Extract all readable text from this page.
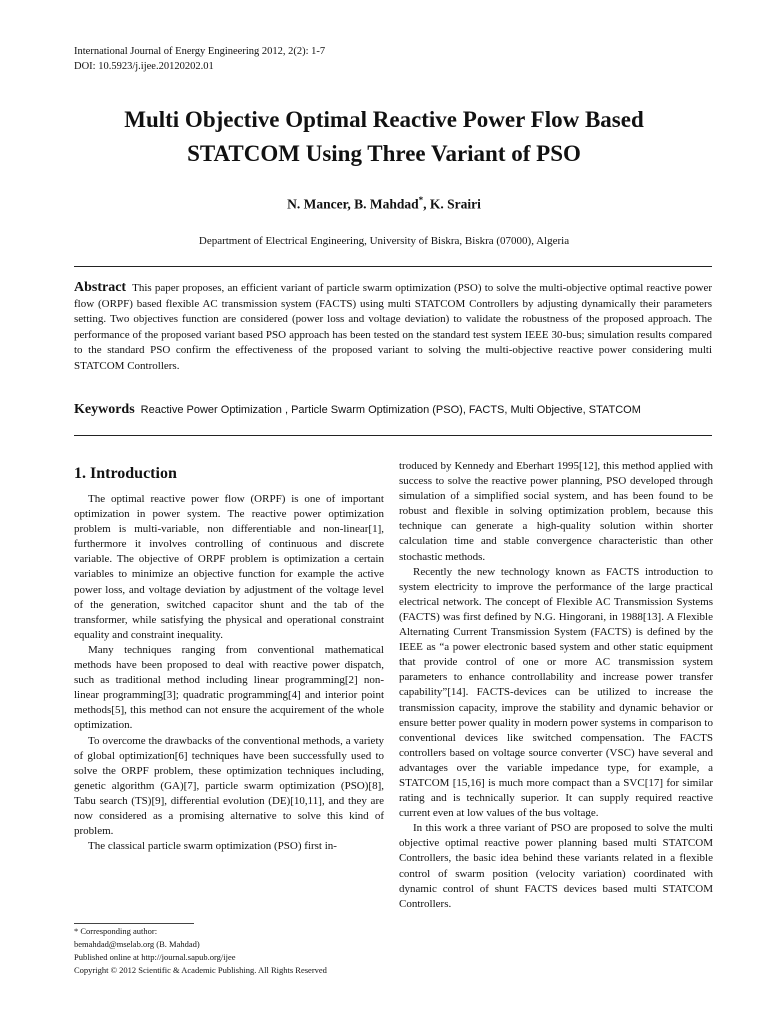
International Journal of Energy Engineering 2012, 2(2): 1-7
DOI: 10.5923/j.ijee.20120202.01
Multi Objective Optimal Reactive Power Flow Based
STATCOM Using Three Variant of PSO
N. Mancer, B. Mahdad*, K. Srairi
Department of Electrical Engineering, University of Biskra, Biskra (07000), Algeria
Abstract This paper proposes, an efficient variant of particle swarm optimization (PSO) to solve the multi-objective optimal reactive power flow (ORPF) based flexible AC transmission system (FACTS) using multi STATCOM Controllers by adjusting dynamically their parameters setting. Two objectives function are considered (power loss and voltage deviation) to validate the robustness of the proposed approach. The performance of the proposed variant based PSO approach has been tested on the standard test system IEEE 30-bus; simulation results compared to the standard PSO confirm the effectiveness of the proposed variant to solving the multi-objective reactive power considering multi STATCOM Controllers.
Keywords Reactive Power Optimization , Particle Swarm Optimization (PSO), FACTS, Multi Objective, STATCOM
1. Introduction

The optimal reactive power flow (ORPF) is one of important optimization in power system. The reactive power optimization problem is multi-variable, non differentiable and non-linear[1], furthermore it involves controlling of continuous and discrete variable. The objective of ORPF problem is optimization a certain variables to minimize an objective function for example the active power loss, and voltage deviation by adjustment of the voltage level of the generation, switched capacitor shunt and the tab of the transformer, while satisfying the physical and operational constraint equality and constraint inequality.

Many techniques ranging from conventional mathematical methods have been proposed to deal with reactive power dispatch, such as traditional method including linear programming[2] non- linear programming[3]; quadratic programming[4] and interior point methods[5], this method can not ensure the acquirement of the whole optimization.

To overcome the drawbacks of the conventional methods, a variety of global optimization[6] techniques have been successfully used to solve the ORPF problem, these optimization techniques including, genetic algorithm (GA)[7], particle swarm optimization (PSO)[8], Tabu search (TS)[9], differential evolution (DE)[10,11], and they are now considered as a promising alternative to solve this kind of problem.

The classical particle swarm optimization (PSO) first in-

troduced by Kennedy and Eberhart 1995[12], this method applied with success to solve the reactive power planning, PSO developed through simulation of a simplified social system, and has been found to be robust and flexible in solving optimization problem, because this technique can generate a high-quality solution within shorter calculation time and stable convergence characteristic than other stochastic methods.

Recently the new technology known as FACTS introduction to system electricity to improve the performance of the large practical electrical network. The concept of Flexible AC Transmission Systems (FACTS) was first defined by N.G. Hingorani, in 1988[13]. A Flexible Alternating Current Transmission System (FACTS) is defined by the IEEE as “a power electronic based system and other static equipment that provide control of one or more AC transmission system parameters to enhance controllability and increase power transfer capability”[14]. FACTS-devices can be utilized to increase the transmission capacity, improve the stability and dynamic behavior or ensure better power quality in modern power systems in comparison to conventional devices like switched compensation. The FACTS controllers based on voltage source converter (VSC) have several and advantages over the variable impedance type, for example, a STATCOM [15,16] is much more compact than a SVC[17] for similar rating and is technically superior. It can supply required reactive current even at low values of the bus voltage.

In this work a three variant of PSO are proposed to solve the multi objective optimal reactive power planning based multi STATCOM Controllers, the basic idea behind these variants related in a flexible control of swarm position (velocity variation) coordinated with dynamic control of shunt FACTS devices based multi STATCOM Controllers.

* Corresponding author:
bemahdad@mselab.org (B. Mahdad)
Published online at http://journal.sapub.org/ijee
Copyright © 2012 Scientific & Academic Publishing. All Rights Reserved
